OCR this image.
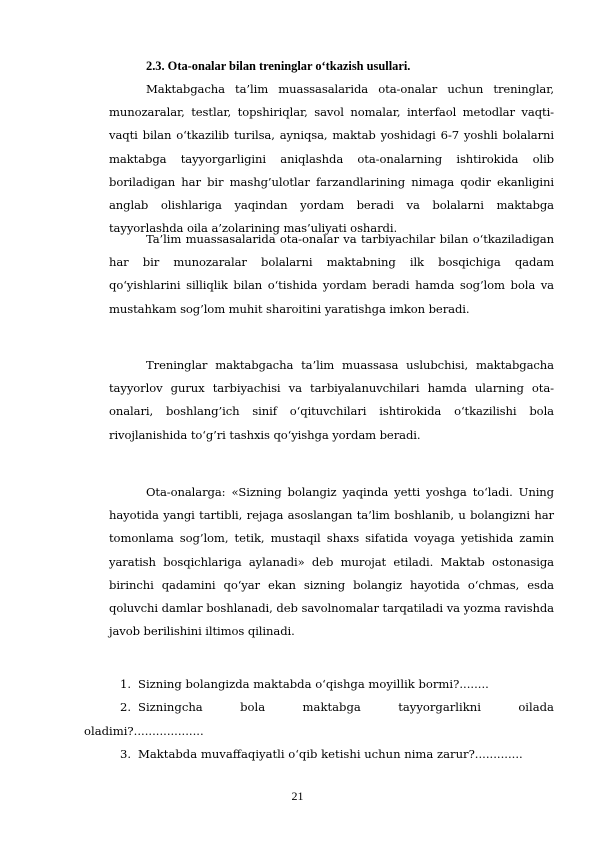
2.3. Ota-onalar bilan treninglar o‘tkazish usullari.

Maktabgacha ta’lim muassasalarida ota-onalar uchun treninglar, munozaralar, testlar, topshiriqlar, savol nomalar, interfaol metodlar vaqti-vaqti bilan o‘tkazilib turilsa, ayniqsa, maktab yoshidagi 6-7 yoshli bolalarni maktabga tayyorgarligini aniqlashda ota-onalarning ishtirokida olib boriladigan har bir mashg’ulotlar farzandlarining nimaga qodir ekanligini anglab olishlariga yaqindan yordam beradi va bolalarni maktabga tayyorlashda oila a’zolarining mas’uliyati oshardi.

Ta’lim muassasalarida ota-onalar va tarbiyachilar bilan o‘tkaziladigan har bir munozaralar bolalarni maktabning ilk bosqichiga qadam qo‘yishlarini silliqlik bilan o‘tishida yordam beradi hamda sog’lom bola va mustahkam sog’lom muhit sharoitini yaratishga imkon beradi.

Treninglar maktabgacha ta’lim muassasa uslubchisi, maktabgacha tayyorlov gurux tarbiyachisi va tarbiyalanuvchilari hamda ularning ota-onalari, boshlang’ich sinif o‘qituvchilari ishtirokida o‘tkazilishi bola rivojlanishida to‘g’ri tashxis qo‘yishga yordam beradi.

Ota-onalarga: «Sizning bolangiz yaqinda yetti yoshga to‘ladi. Uning hayotida yangi tartibli, rejaga asoslangan ta’lim boshlanib, u bolangizni har tomonlama sog’lom, tetik, mustaqil shaxs sifatida voyaga yetishida zamin yaratish bosqichlariga aylanadi» deb murojat etiladi. Maktab ostonasiga birinchi qadamini qo‘yar ekan sizning bolangiz hayotida o‘chmas, esda qoluvchi damlar boshlanadi, deb savolnomalar tarqatiladi va yozma ravishda javob berilishini iltimos qilinadi.

1. Sizning bolangizda maktabda o‘qishga moyillik bormi?........
2. Sizningcha	bola	maktabga	tayyorgarlikni	oilada
oladimi?...................
3. Maktabda muvaffaqiyatli o‘qib ketishi uchun nima zarur?.............
21
